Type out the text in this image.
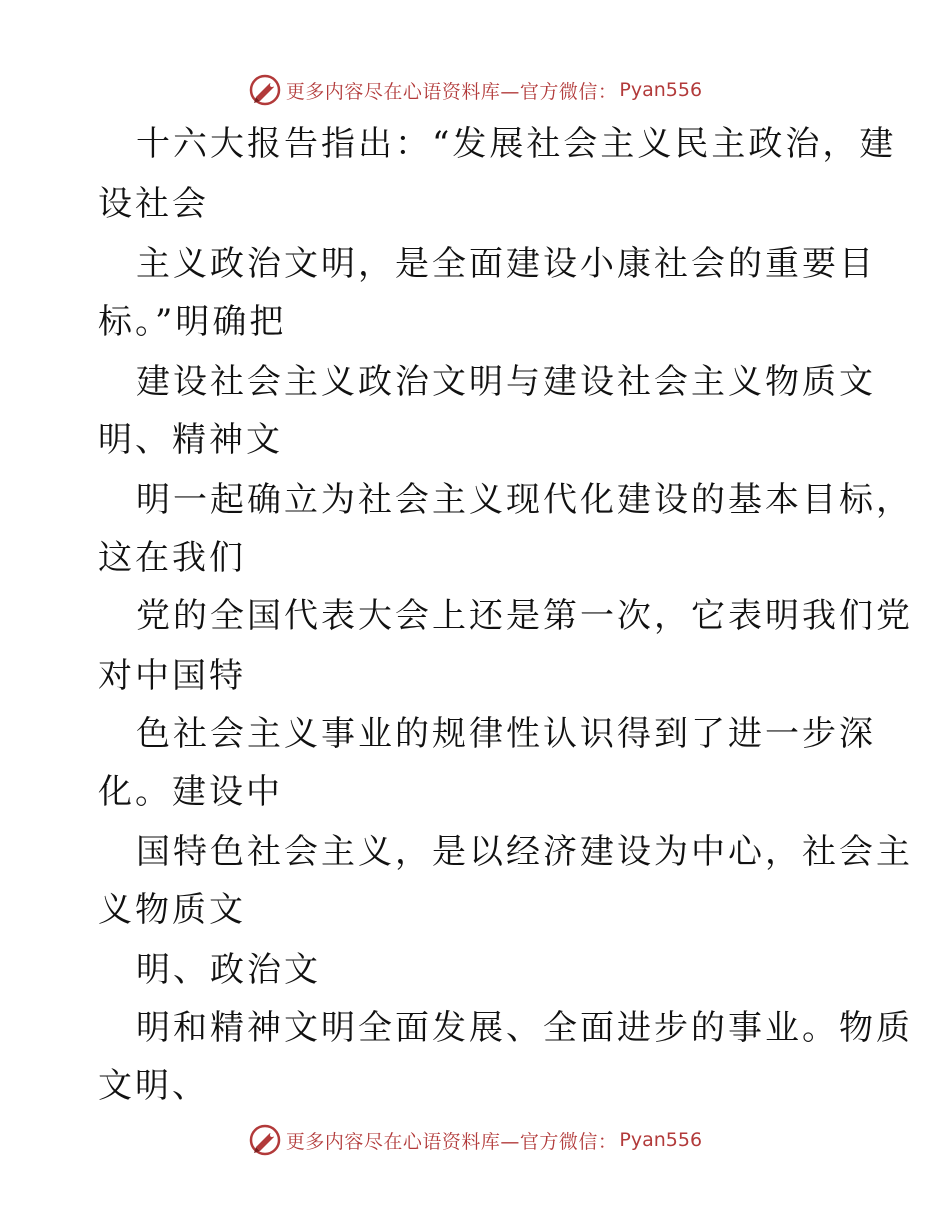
更多内容尽在心语资料库—官方微信： Pyan556
十六大报告指出：“发展社会主义民主政治，建
设社会
主义政治文明，是全面建设小康社会的重要目
标。”明确把
建设社会主义政治文明与建设社会主义物质文
明、精神文
明一起确立为社会主义现代化建设的基本目标，
这在我们
党的全国代表大会上还是第一次，它表明我们党
对中国特
色社会主义事业的规律性认识得到了进一步深
化。建设中
国特色社会主义，是以经济建设为中心，社会主
义物质文
明、政治文
明和精神文明全面发展、全面进步的事业。物质
文明、
更多内容尽在心语资料库—官方微信： Pyan556
